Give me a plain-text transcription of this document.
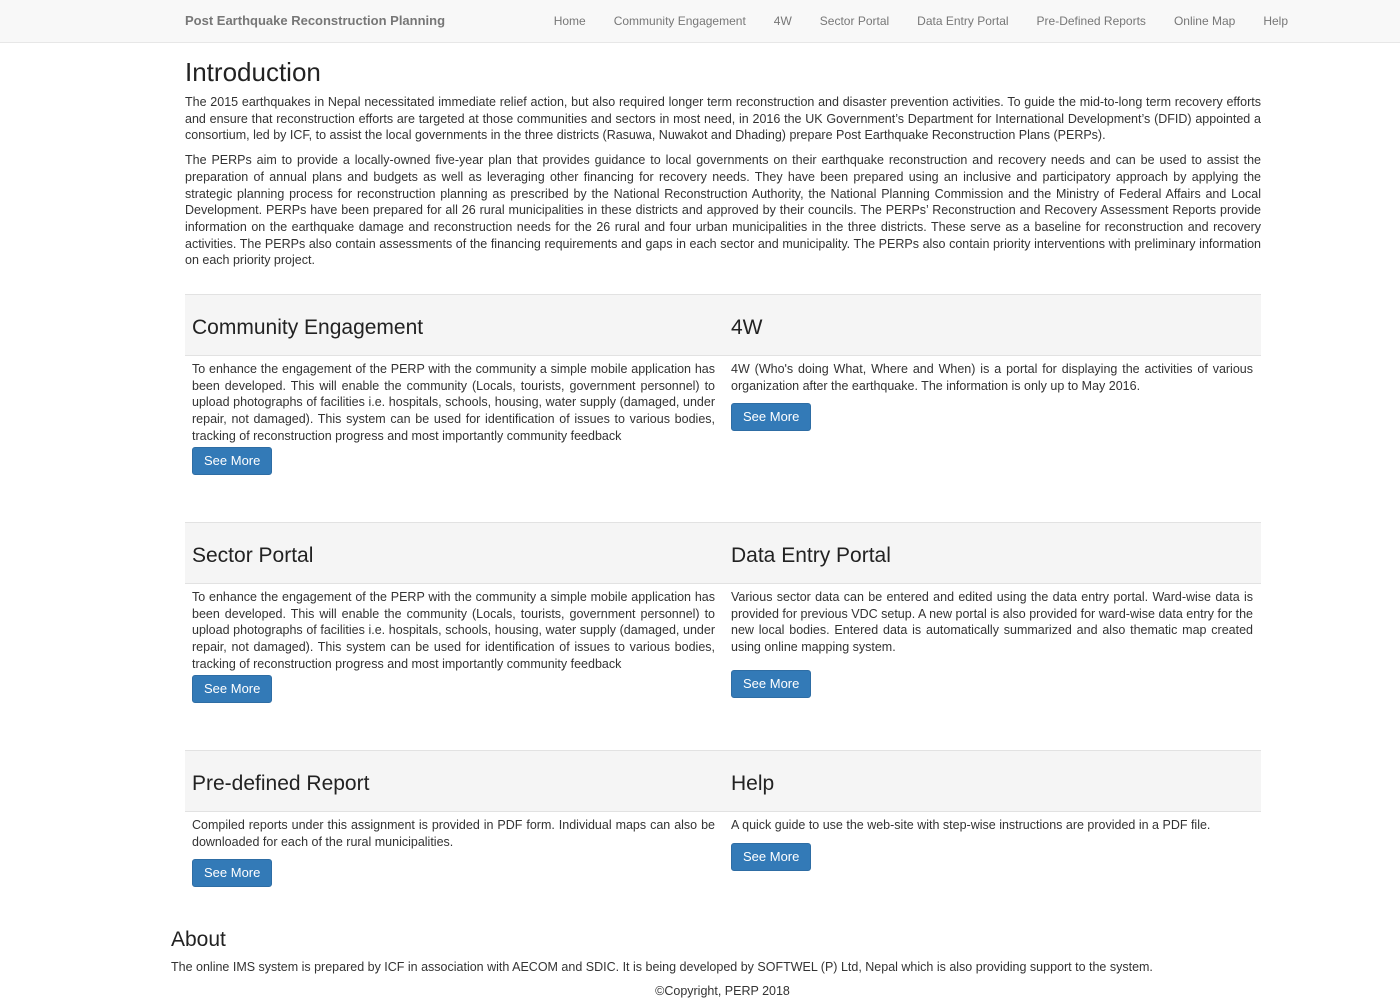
Post Earthquake Reconstruction Planning	Home Community Engagement 4W Sector Portal Data Entry Portal Pre-Defined Reports Online Map Help
Introduction

The 2015 earthquakes in Nepal necessitated immediate relief action, but also required longer term reconstruction and disaster prevention activities. To guide the mid-to-long term recovery efforts and ensure that reconstruction efforts are targeted at those communities and sectors in most need, in 2016 the UK Government’s Department for International Development’s (DFID) appointed a consortium, led by ICF, to assist the local governments in the three districts (Rasuwa, Nuwakot and Dhading) prepare Post Earthquake Reconstruction Plans (PERPs).

The PERPs aim to provide a locally-owned five-year plan that provides guidance to local governments on their earthquake reconstruction and recovery needs and can be used to assist the preparation of annual plans and budgets as well as leveraging other financing for recovery needs. They have been prepared using an inclusive and participatory approach by applying the strategic planning process for reconstruction planning as prescribed by the National Reconstruction Authority, the National Planning Commission and the Ministry of Federal Affairs and Local Development. PERPs have been prepared for all 26 rural municipalities in these districts and approved by their councils. The PERPs’ Reconstruction and Recovery Assessment Reports provide information on the earthquake damage and reconstruction needs for the 26 rural and four urban municipalities in the three districts. These serve as a baseline for reconstruction and recovery activities. The PERPs also contain assessments of the financing requirements and gaps in each sector and municipality. The PERPs also contain priority interventions with preliminary information on each priority project.

Community Engagement

To enhance the engagement of the PERP with the community a simple mobile application has been developed. This will enable the community (Locals, tourists, government personnel) to upload photographs of facilities i.e. hospitals, schools, housing, water supply (damaged, under repair, not damaged). This system can be used for identification of issues to various bodies, tracking of reconstruction progress and most importantly community feedback

See More
4W

4W (Who's doing What, Where and When) is a portal for displaying the activities of various organization after the earthquake. The information is only up to May 2016.

See More
Sector Portal

To enhance the engagement of the PERP with the community a simple mobile application has been developed. This will enable the community (Locals, tourists, government personnel) to upload photographs of facilities i.e. hospitals, schools, housing, water supply (damaged, under repair, not damaged). This system can be used for identification of issues to various bodies, tracking of reconstruction progress and most importantly community feedback

See More
Data Entry Portal

Various sector data can be entered and edited using the data entry portal. Ward-wise data is provided for previous VDC setup. A new portal is also provided for ward-wise data entry for the new local bodies. Entered data is automatically summarized and also thematic map created using online mapping system.

See More
Pre-defined Report

Compiled reports under this assignment is provided in PDF form. Individual maps can also be downloaded for each of the rural municipalities.

See More
Help

A quick guide to use the web-site with step-wise instructions are provided in a PDF file.

See More
About

The online IMS system is prepared by ICF in association with AECOM and SDIC. It is being developed by SOFTWEL (P) Ltd, Nepal which is also providing support to the system.

©Copyright, PERP 2018
